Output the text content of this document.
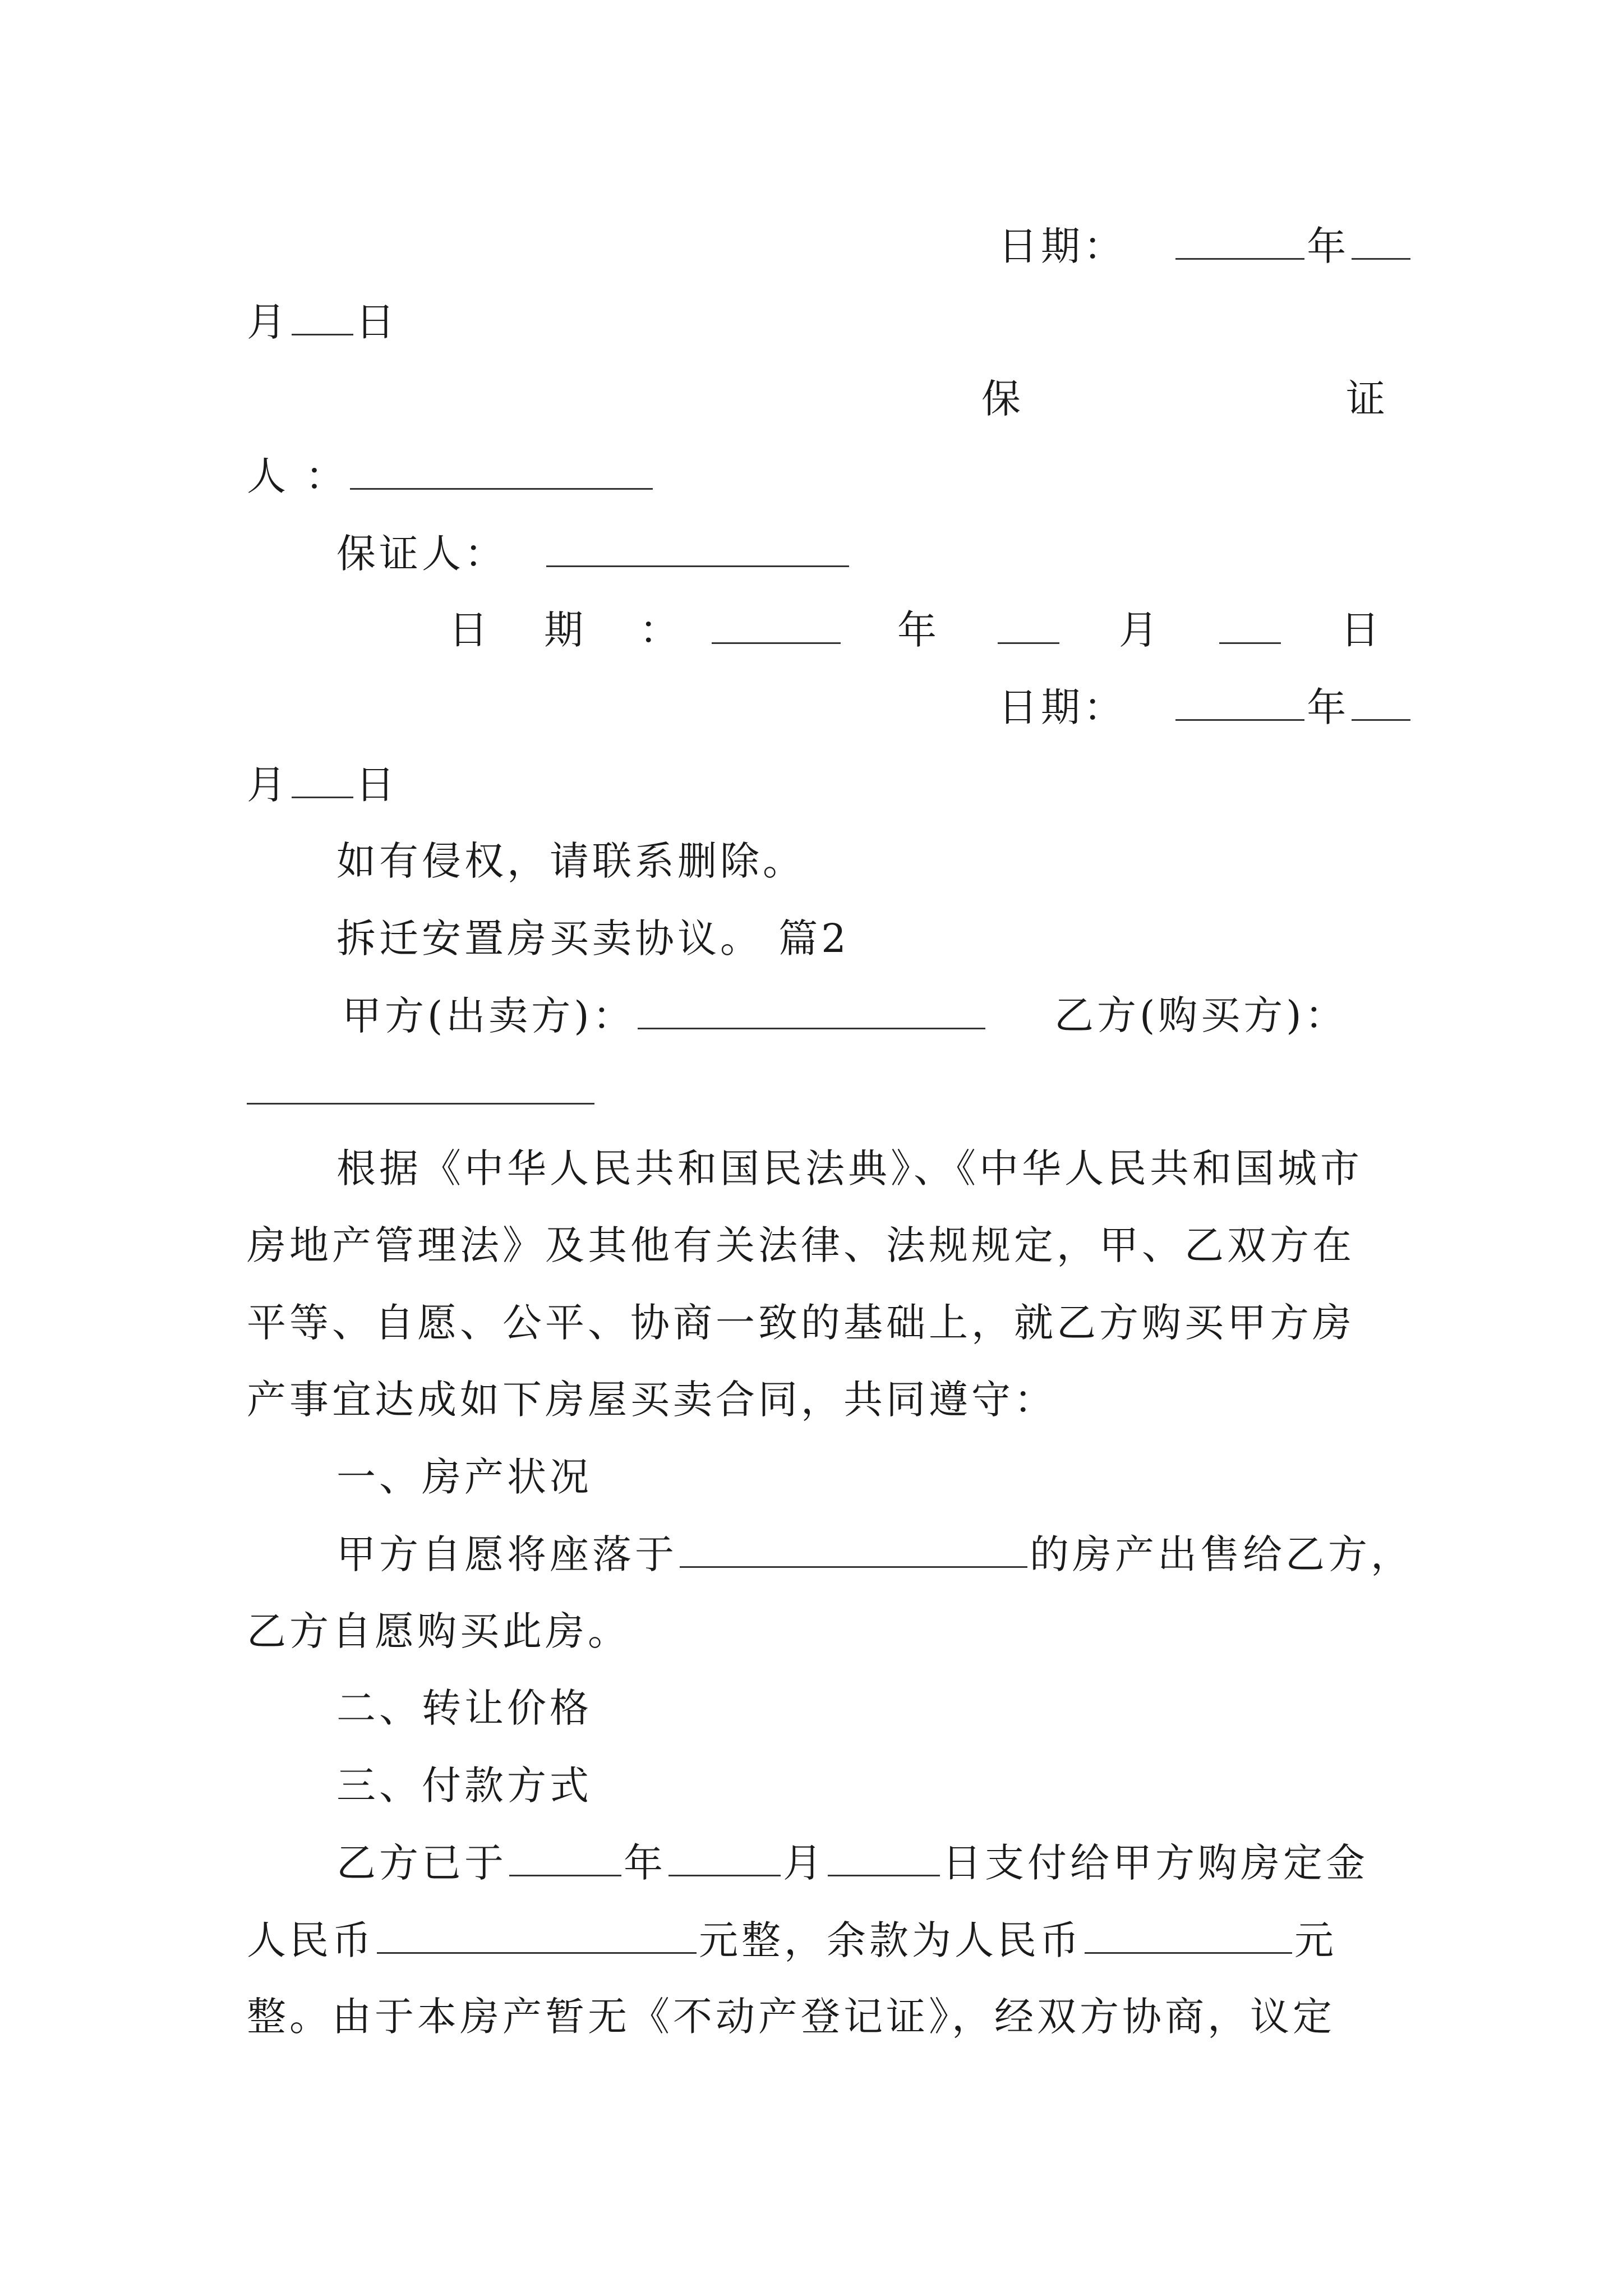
日期：	年
月 日
保	证
人 ：
保证人：
日 期 ：	年	月	日
日期：	年
月 日
如有侵权，请联系删除。
拆迁安置房买卖协议。 篇2
甲方(出卖方)：	乙方(购买方)：
根据《中华人民共和国民法典》、《中华人民共和国城市
房地产管理法》及其他有关法律、法规规定，甲、乙双方在
平等、自愿、公平、协商一致的基础上，就乙方购买甲方房
产事宜达成如下房屋买卖合同，共同遵守：
一、房产状况
甲方自愿将座落于	的房产出售给乙方，
乙方自愿购买此房。
二、转让价格
三、付款方式
乙方已于	年	月	日支付给甲方购房定金
人民币	元整，余款为人民币	元
整。由于本房产暂无《不动产登记证》，经双方协商，议定
